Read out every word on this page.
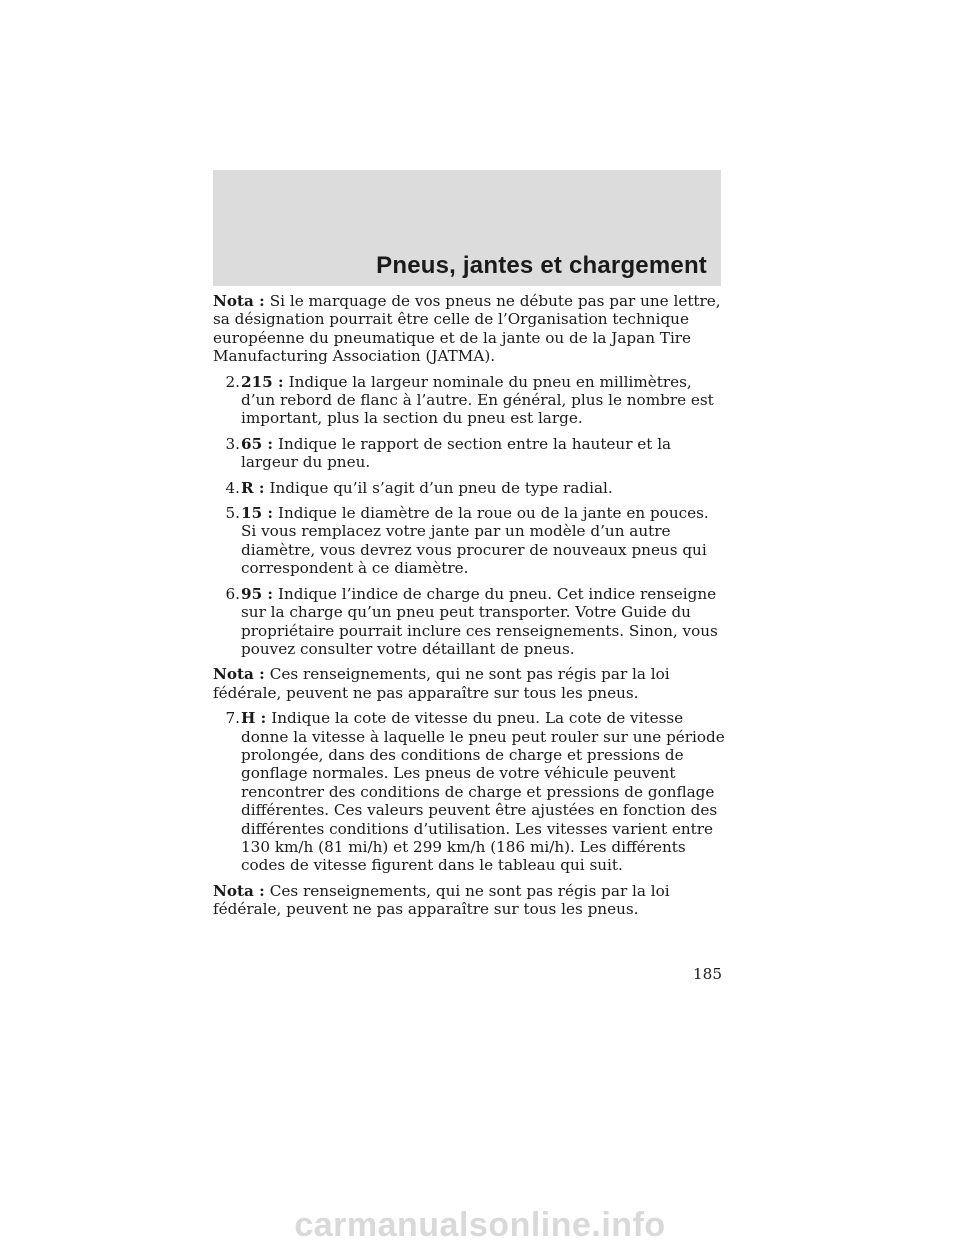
Pneus, jantes et chargement

Nota : Si le marquage de vos pneus ne débute pas par une lettre, sa désignation pourrait être celle de l’Organisation technique européenne du pneumatique et de la jante ou de la Japan Tire Manufacturing Association (JATMA).

2. 215 : Indique la largeur nominale du pneu en millimètres, d’un rebord de flanc à l’autre. En général, plus le nombre est important, plus la section du pneu est large.
3. 65 : Indique le rapport de section entre la hauteur et la largeur du pneu.
4. R : Indique qu’il s’agit d’un pneu de type radial.
5. 15 : Indique le diamètre de la roue ou de la jante en pouces. Si vous remplacez votre jante par un modèle d’un autre diamètre, vous devrez vous procurer de nouveaux pneus qui correspondent à ce diamètre.
6. 95 : Indique l’indice de charge du pneu. Cet indice renseigne sur la charge qu’un pneu peut transporter. Votre Guide du propriétaire pourrait inclure ces renseignements. Sinon, vous pouvez consulter votre détaillant de pneus.

Nota : Ces renseignements, qui ne sont pas régis par la loi fédérale, peuvent ne pas apparaître sur tous les pneus.

7. H : Indique la cote de vitesse du pneu. La cote de vitesse donne la vitesse à laquelle le pneu peut rouler sur une période prolongée, dans des conditions de charge et pressions de gonflage normales. Les pneus de votre véhicule peuvent rencontrer des conditions de charge et pressions de gonflage différentes. Ces valeurs peuvent être ajustées en fonction des différentes conditions d’utilisation. Les vitesses varient entre 130 km/h (81 mi/h) et 299 km/h (186 mi/h). Les différents codes de vitesse figurent dans le tableau qui suit.

Nota : Ces renseignements, qui ne sont pas régis par la loi fédérale, peuvent ne pas apparaître sur tous les pneus.

185
carmanualsonline.info
